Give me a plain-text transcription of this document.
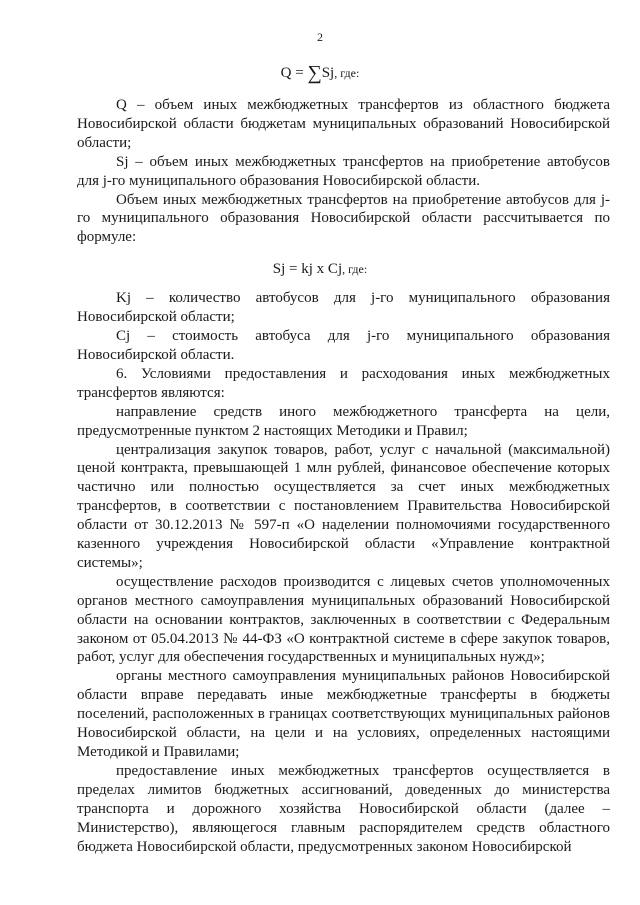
2
Q = ∑Sj, где:
Sj = kj x Cj, где:

Q – объем иных межбюджетных трансфертов из областного бюджета Новосибирской области бюджетам муниципальных образований Новосибирской области;

Sj – объем иных межбюджетных трансфертов на приобретение автобусов для j-го муниципального образования Новосибирской области.

Объем иных межбюджетных трансфертов на приобретение автобусов для j-го муниципального образования Новосибирской области рассчитывается по формуле:

Kj – количество автобусов для j-го муниципального образования Новосибирской области;

Cj – стоимость автобуса для j-го муниципального образования Новосибирской области.

6. Условиями предоставления и расходования иных межбюджетных трансфертов являются:

направление средств иного межбюджетного трансферта на цели, предусмотренные пунктом 2 настоящих Методики и Правил;

централизация закупок товаров, работ, услуг с начальной (максимальной) ценой контракта, превышающей 1 млн рублей, финансовое обеспечение которых частично или полностью осуществляется за счет иных межбюджетных трансфертов, в соответствии с постановлением Правительства Новосибирской области от 30.12.2013 № 597-п «О наделении полномочиями государственного казенного учреждения Новосибирской области «Управление контрактной системы»;

осуществление расходов производится с лицевых счетов уполномоченных органов местного самоуправления муниципальных образований Новосибирской области на основании контрактов, заключенных в соответствии с Федеральным законом от 05.04.2013 № 44-ФЗ «О контрактной системе в сфере закупок товаров, работ, услуг для обеспечения государственных и муниципальных нужд»;

органы местного самоуправления муниципальных районов Новосибирской области вправе передавать иные межбюджетные трансферты в бюджеты поселений, расположенных в границах соответствующих муниципальных районов Новосибирской области, на цели и на условиях, определенных настоящими Методикой и Правилами;

предоставление иных межбюджетных трансфертов осуществляется в пределах лимитов бюджетных ассигнований, доведенных до министерства транспорта и дорожного хозяйства Новосибирской области (далее – Министерство), являющегося главным распорядителем средств областного бюджета Новосибирской области, предусмотренных законом Новосибирской
